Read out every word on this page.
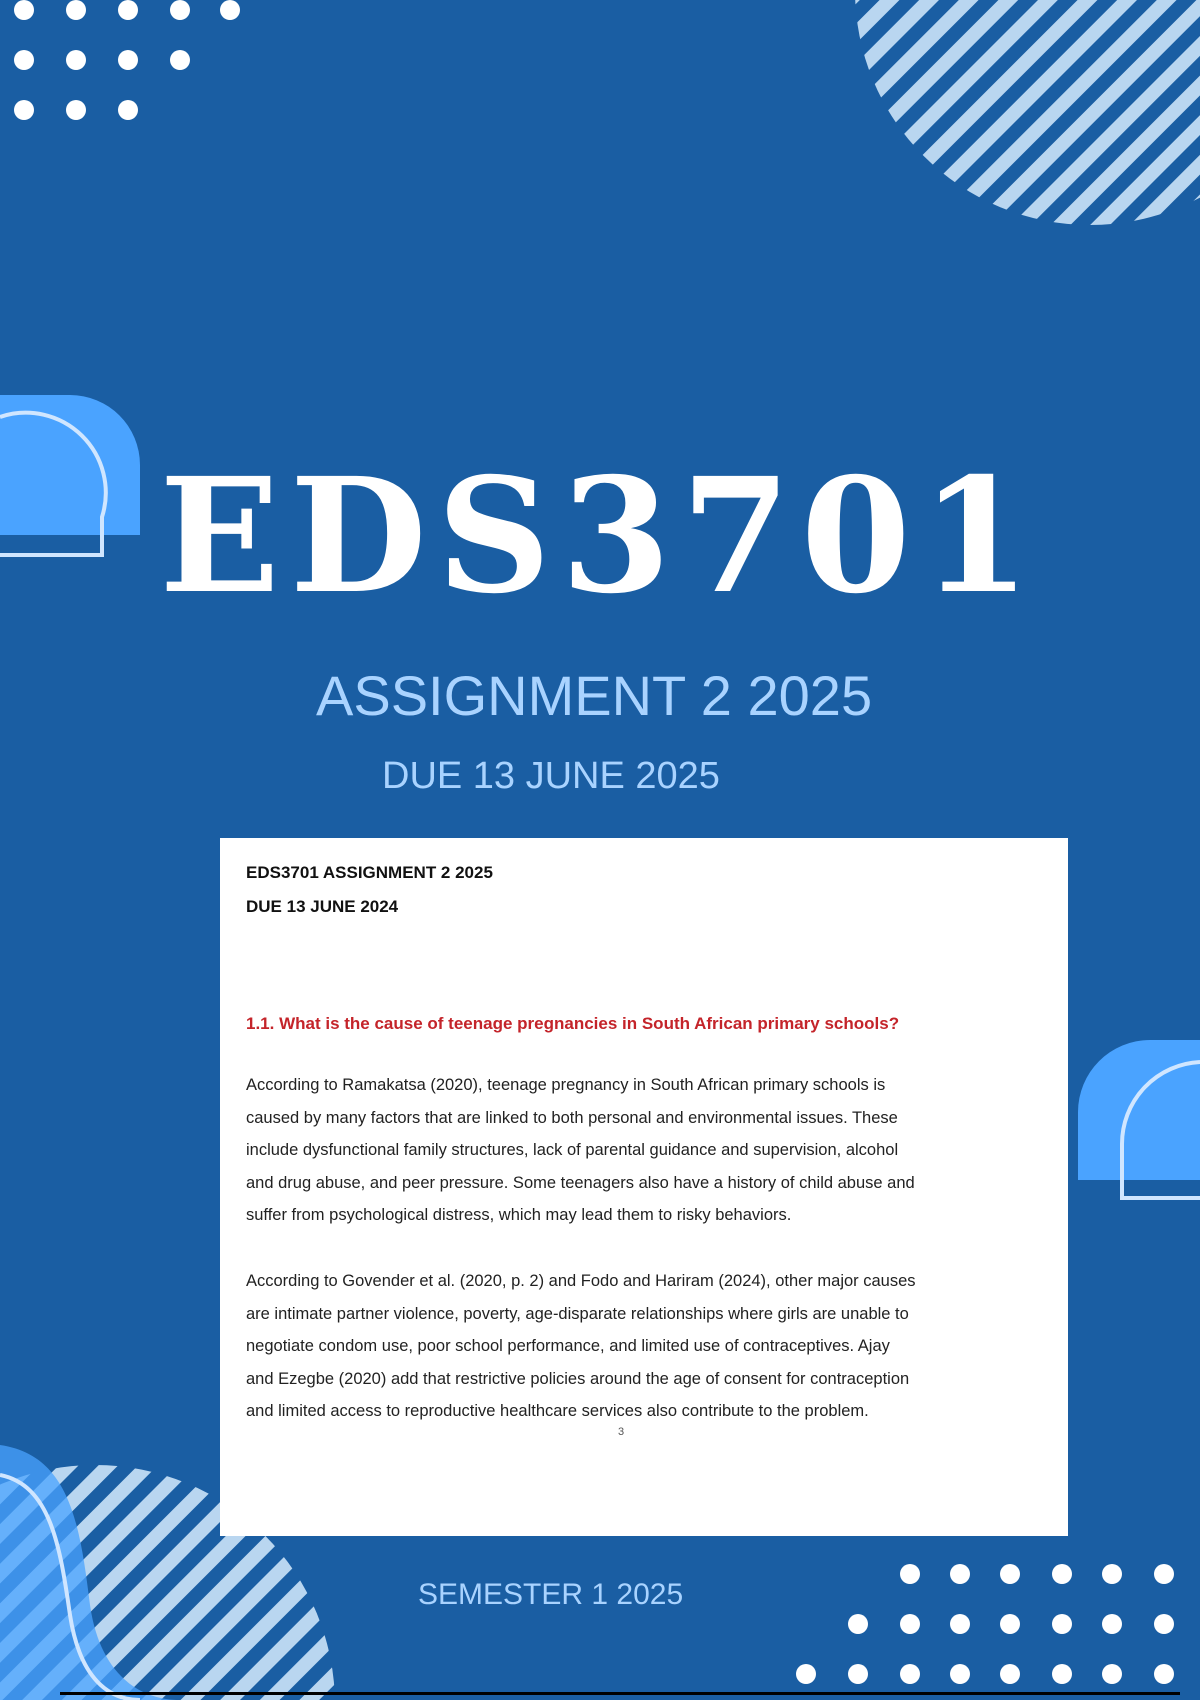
EDS3701
ASSIGNMENT 2 2025
DUE 13 JUNE 2025
EDS3701 ASSIGNMENT 2 2025
DUE 13 JUNE 2024
1.1. What is the cause of teenage pregnancies in South African primary schools?
According to Ramakatsa (2020), teenage pregnancy in South African primary schools is
caused by many factors that are linked to both personal and environmental issues. These
include dysfunctional family structures, lack of parental guidance and supervision, alcohol
and drug abuse, and peer pressure. Some teenagers also have a history of child abuse and
suffer from psychological distress, which may lead them to risky behaviors.
According to Govender et al. (2020, p. 2) and Fodo and Hariram (2024), other major causes
are intimate partner violence, poverty, age-disparate relationships where girls are unable to
negotiate condom use, poor school performance, and limited use of contraceptives. Ajay
and Ezegbe (2020) add that restrictive policies around the age of consent for contraception
and limited access to reproductive healthcare services also contribute to the problem.
3
SEMESTER 1 2025
